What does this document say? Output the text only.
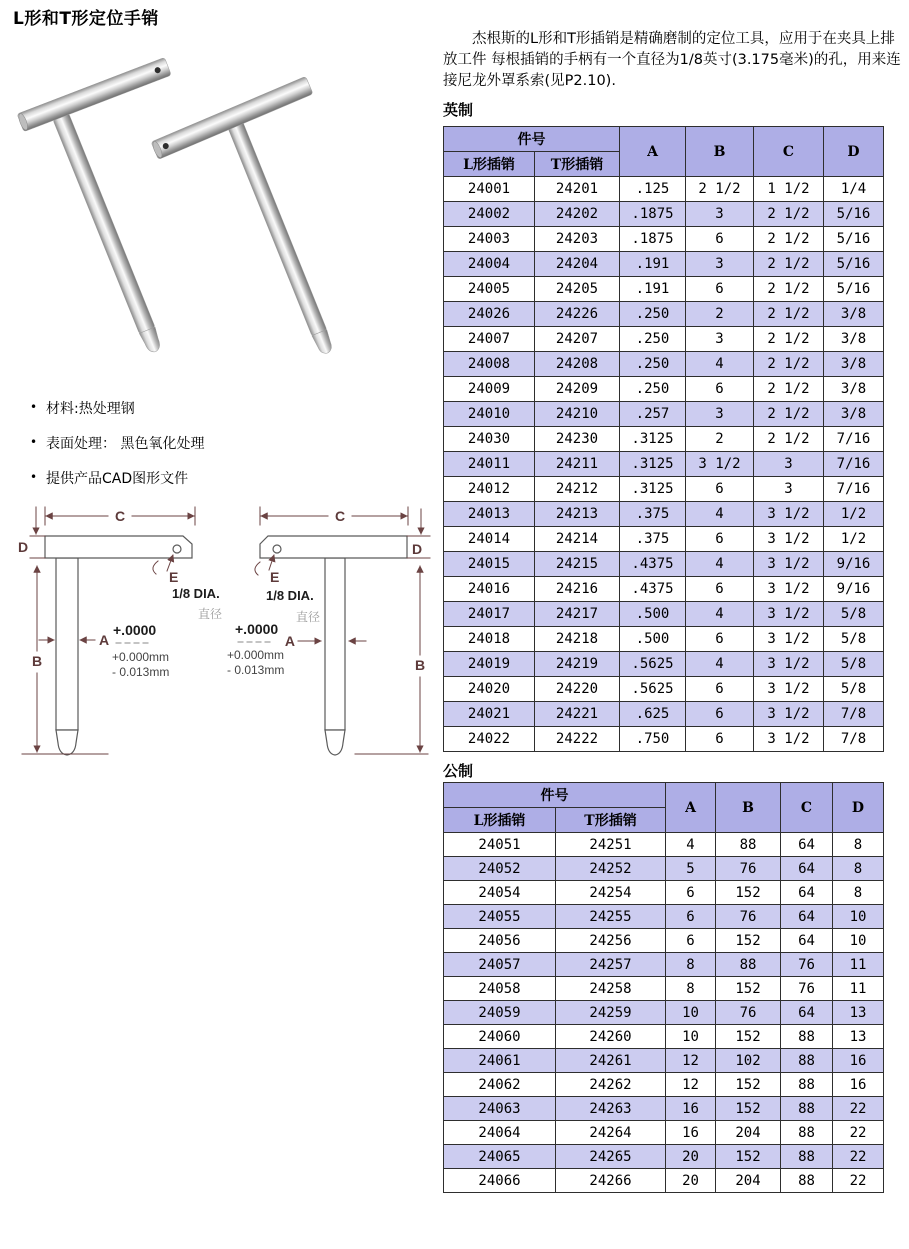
L形和T形定位手销
• 材料:热处理钢
• 表面处理： 黑色氧化处理
• 提供产品CAD图形文件
C
D
B
A
E
1/8 DIA.
直径
+.0000
+0.000mm
- 0.013mm
C
D
B
A
E
1/8 DIA.
直径
+.0000
+0.000mm
- 0.013mm

杰根斯的L形和T形插销是精确磨制的定位工具，应用于在夹具上排放工件 每根插销的手柄有一个直径为1/8英寸(3.175毫米)的孔，用来连接尼龙外罩系索(见P2.10).

英制
件号		A	B	C	D
L形插销	T形插销				
24001	24201	.125	2 1/2	1 1/2	1/4
24002	24202	.1875	3	2 1/2	5/16
24003	24203	.1875	6	2 1/2	5/16
24004	24204	.191	3	2 1/2	5/16
24005	24205	.191	6	2 1/2	5/16
24026	24226	.250	2	2 1/2	3/8
24007	24207	.250	3	2 1/2	3/8
24008	24208	.250	4	2 1/2	3/8
24009	24209	.250	6	2 1/2	3/8
24010	24210	.257	3	2 1/2	3/8
24030	24230	.3125	2	2 1/2	7/16
24011	24211	.3125	3 1/2	3	7/16
24012	24212	.3125	6	3	7/16
24013	24213	.375	4	3 1/2	1/2
24014	24214	.375	6	3 1/2	1/2
24015	24215	.4375	4	3 1/2	9/16
24016	24216	.4375	6	3 1/2	9/16
24017	24217	.500	4	3 1/2	5/8
24018	24218	.500	6	3 1/2	5/8
24019	24219	.5625	4	3 1/2	5/8
24020	24220	.5625	6	3 1/2	5/8
24021	24221	.625	6	3 1/2	7/8
24022	24222	.750	6	3 1/2	7/8
公制
件号		A	B	C	D
L形插销	T形插销				
24051	24251	4	88	64	8
24052	24252	5	76	64	8
24054	24254	6	152	64	8
24055	24255	6	76	64	10
24056	24256	6	152	64	10
24057	24257	8	88	76	11
24058	24258	8	152	76	11
24059	24259	10	76	64	13
24060	24260	10	152	88	13
24061	24261	12	102	88	16
24062	24262	12	152	88	16
24063	24263	16	152	88	22
24064	24264	16	204	88	22
24065	24265	20	152	88	22
24066	24266	20	204	88	22
